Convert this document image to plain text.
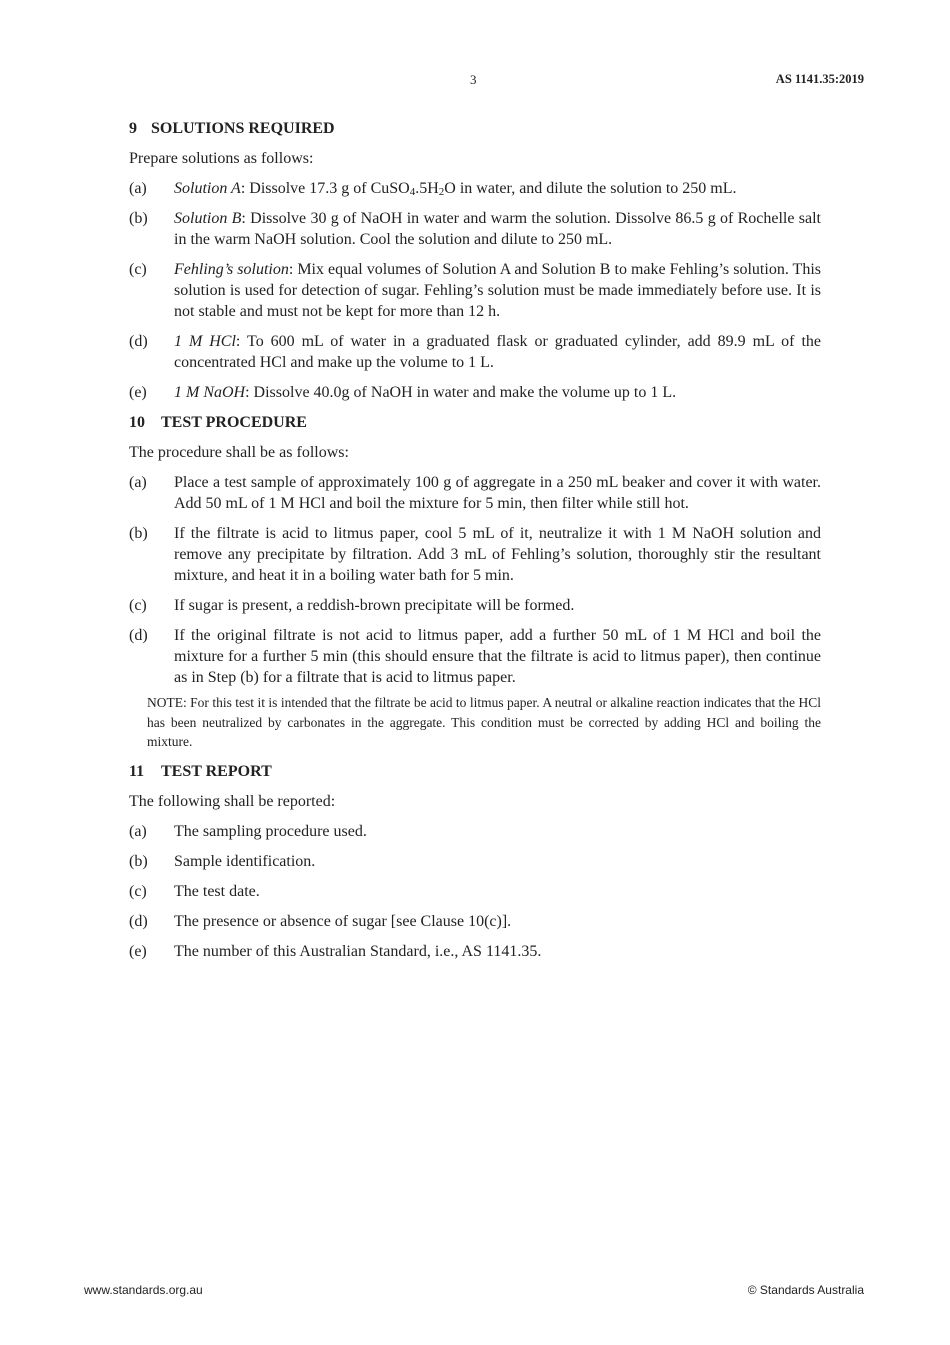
3	AS 1141.35:2019
9 SOLUTIONS REQUIRED
Prepare solutions as follows:
(a) Solution A: Dissolve 17.3 g of $CuSO_4.5H_2O$ in water, and dilute the solution to 250 mL.
(b) Solution B: Dissolve 30 g of NaOH in water and warm the solution. Dissolve 86.5 g of Rochelle salt in the warm NaOH solution. Cool the solution and dilute to 250 mL.
(c) Fehling’s solution: Mix equal volumes of Solution A and Solution B to make Fehling’s solution. This solution is used for detection of sugar. Fehling’s solution must be made immediately before use. It is not stable and must not be kept for more than 12 h.
(d) 1 M HCl: To 600 mL of water in a graduated flask or graduated cylinder, add 89.9 mL of the concentrated HCl and make up the volume to 1 L.
(e) 1 M NaOH: Dissolve 40.0g of NaOH in water and make the volume up to 1 L.
10 TEST PROCEDURE
The procedure shall be as follows:
(a) Place a test sample of approximately 100 g of aggregate in a 250 mL beaker and cover it with water. Add 50 mL of 1 M HCl and boil the mixture for 5 min, then filter while still hot.
(b) If the filtrate is acid to litmus paper, cool 5 mL of it, neutralize it with 1 M NaOH solution and remove any precipitate by filtration. Add 3 mL of Fehling’s solution, thoroughly stir the resultant mixture, and heat it in a boiling water bath for 5 min.
(c) If sugar is present, a reddish-brown precipitate will be formed.
(d) If the original filtrate is not acid to litmus paper, add a further 50 mL of 1 M HCl and boil the mixture for a further 5 min (this should ensure that the filtrate is acid to litmus paper), then continue as in Step (b) for a filtrate that is acid to litmus paper.
NOTE: For this test it is intended that the filtrate be acid to litmus paper. A neutral or alkaline reaction indicates that the HCl has been neutralized by carbonates in the aggregate. This condition must be corrected by adding HCl and boiling the mixture.
11 TEST REPORT
The following shall be reported:
(a) The sampling procedure used.
(b) Sample identification.
(c) The test date.
(d) The presence or absence of sugar [see Clause 10(c)].
(e) The number of this Australian Standard, i.e., AS 1141.35.
www.standards.org.au	© Standards Australia
